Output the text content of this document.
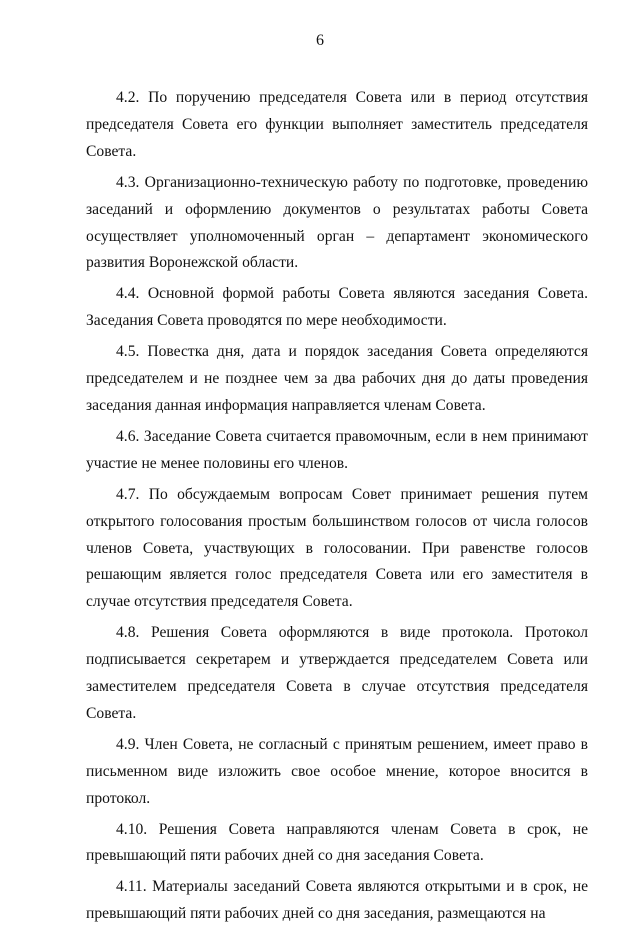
6

4.2. По поручению председателя Совета или в период отсутствия председателя Совета его функции выполняет заместитель председателя Совета.

4.3. Организационно-техническую работу по подготовке, проведению заседаний и оформлению документов о результатах работы Совета осуществляет уполномоченный орган – департамент экономического развития Воронежской области.

4.4. Основной формой работы Совета являются заседания Совета. Заседания Совета проводятся по мере необходимости.

4.5. Повестка дня, дата и порядок заседания Совета определяются председателем и не позднее чем за два рабочих дня до даты проведения заседания данная информация направляется членам Совета.

4.6. Заседание Совета считается правомочным, если в нем принимают участие не менее половины его членов.

4.7. По обсуждаемым вопросам Совет принимает решения путем открытого голосования простым большинством голосов от числа голосов членов Совета, участвующих в голосовании. При равенстве голосов решающим является голос председателя Совета или его заместителя в случае отсутствия председателя Совета.

4.8. Решения Совета оформляются в виде протокола. Протокол подписывается секретарем и утверждается председателем Совета или заместителем председателя Совета в случае отсутствия председателя Совета.

4.9. Член Совета, не согласный с принятым решением, имеет право в письменном виде изложить свое особое мнение, которое вносится в протокол.

4.10. Решения Совета направляются членам Совета в срок, не превышающий пяти рабочих дней со дня заседания Совета.

4.11. Материалы заседаний Совета являются открытыми и в срок, не превышающий пяти рабочих дней со дня заседания, размещаются на
